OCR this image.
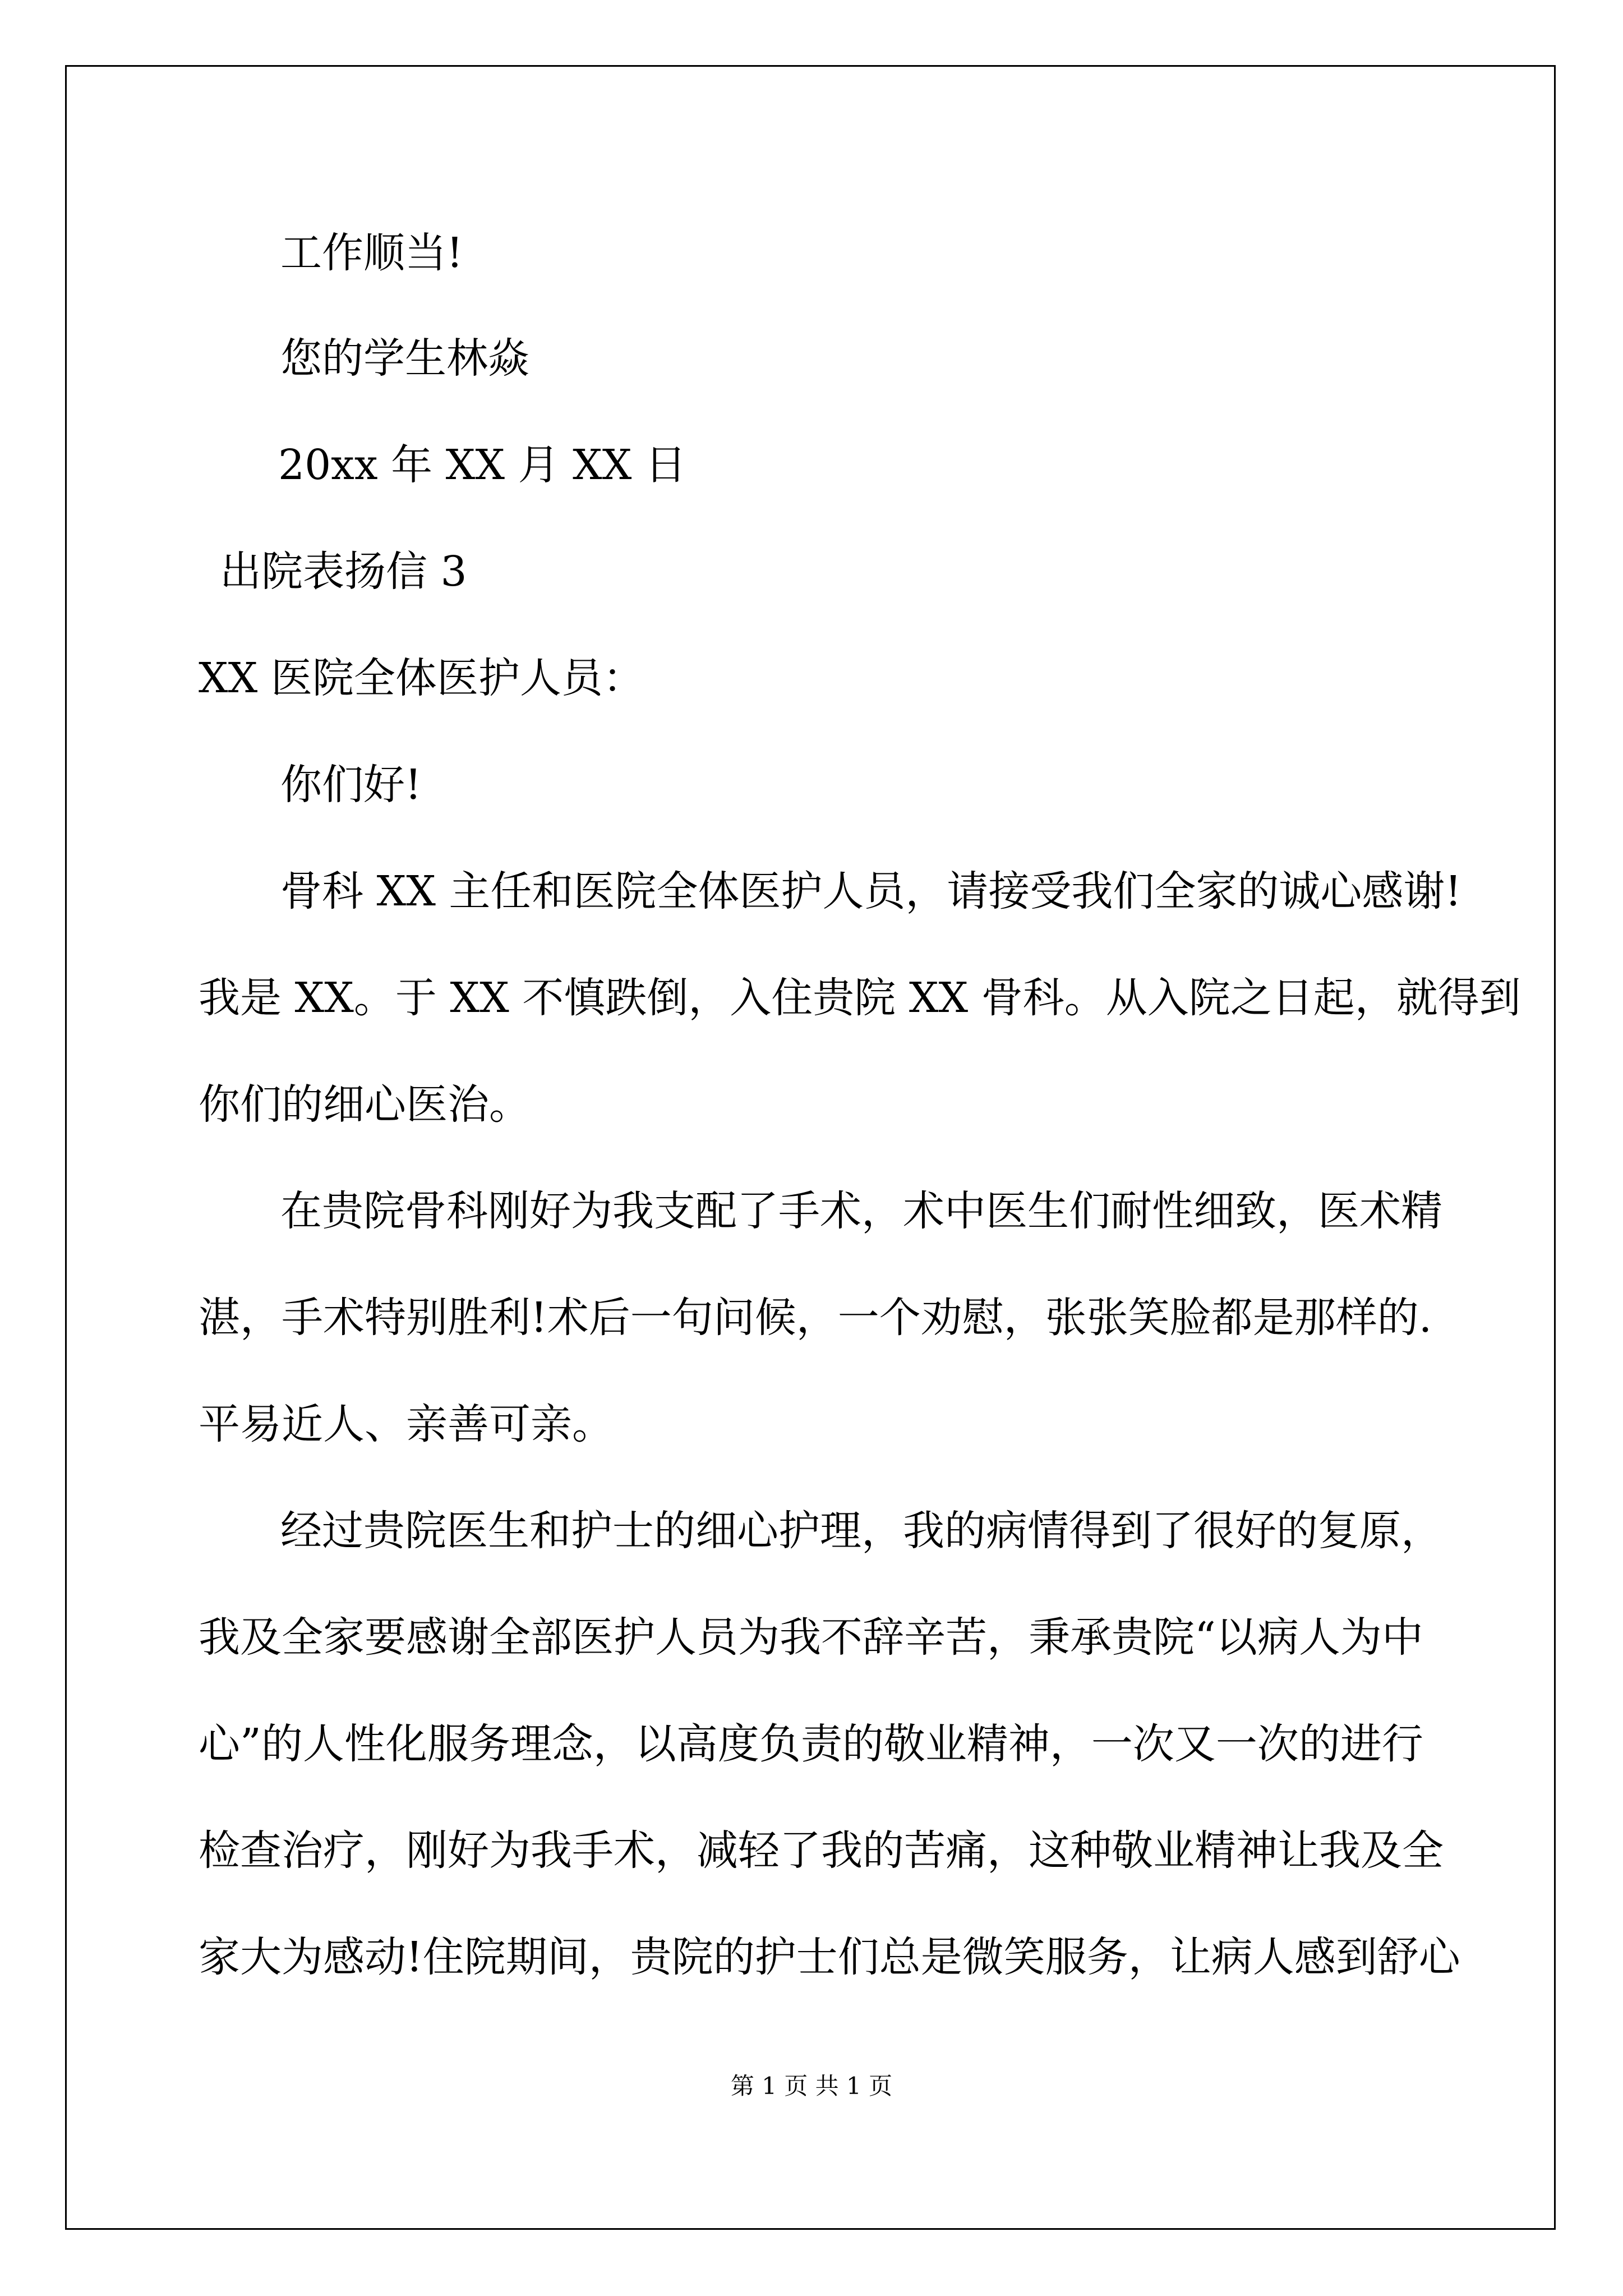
工作顺当!
您的学生林焱
20xx 年 XX 月 XX 日
出院表扬信 3
XX 医院全体医护人员：
你们好!
骨科 XX 主任和医院全体医护人员，请接受我们全家的诚心感谢!
我是 XX。于 XX 不慎跌倒，入住贵院 XX 骨科。从入院之日起，就得到
你们的细心医治。
在贵院骨科刚好为我支配了手术，术中医生们耐性细致，医术精
湛，手术特别胜利!术后一句问候，一个劝慰，张张笑脸都是那样的.
平易近人、亲善可亲。
经过贵院医生和护士的细心护理，我的病情得到了很好的复原，
我及全家要感谢全部医护人员为我不辞辛苦，秉承贵院“以病人为中
心”的人性化服务理念，以高度负责的敬业精神，一次又一次的进行
检查治疗，刚好为我手术，减轻了我的苦痛，这种敬业精神让我及全
家大为感动!住院期间，贵院的护士们总是微笑服务，让病人感到舒心
第 1 页 共 1 页
